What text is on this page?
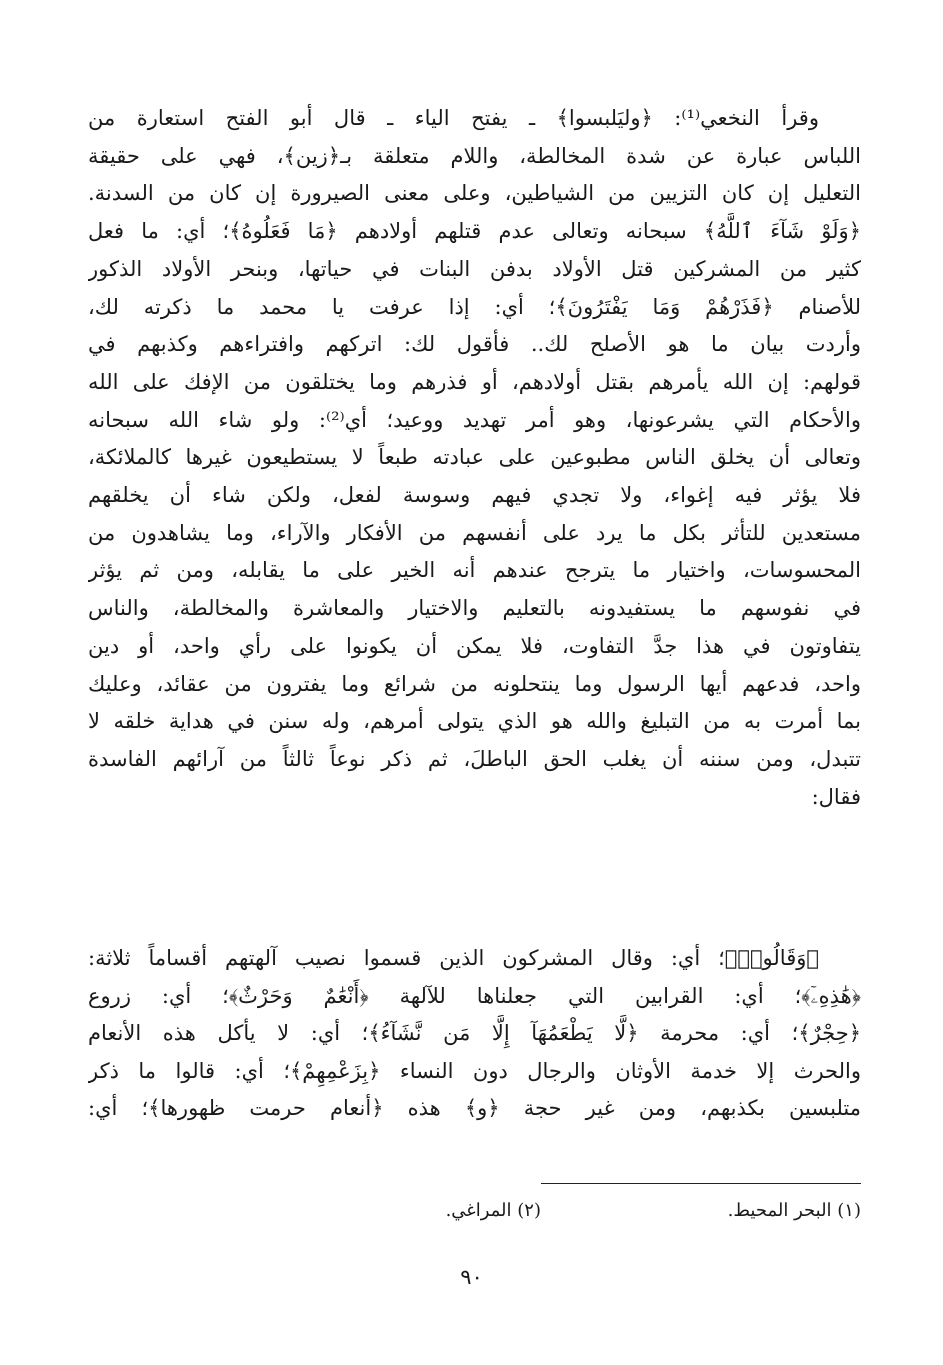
وقرأ النخعي⁽¹⁾: ﴿وليَلبسوا﴾ ـ يفتح الياء ـ قال أبو الفتح استعارة من
اللباس عبارة عن شدة المخالطة، واللام متعلقة بـ﴿زين﴾، فهي على حقيقة
التعليل إن كان التزيين من الشياطين، وعلى معنى الصيرورة إن كان من السدنة.
﴿وَلَوْ شَآءَ ٱللَّهُ﴾ سبحانه وتعالى عدم قتلهم أولادهم ﴿مَا فَعَلُوهُ﴾؛ أي: ما فعل
كثير من المشركين قتل الأولاد بدفن البنات في حياتها، وبنحر الأولاد الذكور
للأصنام ﴿فَذَرْهُمْ وَمَا يَفْتَرُونَ﴾؛ أي: إذا عرفت يا محمد ما ذكرته لك،
وأردت بيان ما هو الأصلح لك.. فأقول لك: اتركهم وافتراءهم وكذبهم في
قولهم: إن الله يأمرهم بقتل أولادهم، أو فذرهم وما يختلقون من الإفك على الله
والأحكام التي يشرعونها، وهو أمر تهديد ووعيد؛ أي⁽²⁾: ولو شاء الله سبحانه
وتعالى أن يخلق الناس مطبوعين على عبادته طبعاً لا يستطيعون غيرها كالملائكة،
فلا يؤثر فيه إغواء، ولا تجدي فيهم وسوسة لفعل، ولكن شاء أن يخلقهم
مستعدين للتأثر بكل ما يرد على أنفسهم من الأفكار والآراء، وما يشاهدون من
المحسوسات، واختيار ما يترجح عندهم أنه الخير على ما يقابله، ومن ثم يؤثر
في نفوسهم ما يستفيدونه بالتعليم والاختيار والمعاشرة والمخالطة، والناس
يتفاوتون في هذا جدَّ التفاوت، فلا يمكن أن يكونوا على رأي واحد، أو دين
واحد، فدعهم أيها الرسول وما ينتحلونه من شرائع وما يفترون من عقائد، وعليك
بما أمرت به من التبليغ والله هو الذي يتولى أمرهم، وله سنن في هداية خلقه لا
تتبدل، ومن سننه أن يغلب الحق الباطلَ، ثم ذكر نوعاً ثالثاً من آرائهم الفاسدة
فقال:
﴿وَقَالُوا۟﴾؛ أي: وقال المشركون الذين قسموا نصيب آلهتهم أقساماً ثلاثة:
﴿هَٰذِهِۦٓ﴾؛ أي: القرابين التي جعلناها للآلهة ﴿أَنْعَٰمٌ وَحَرْثٌ﴾؛ أي: زروع
﴿حِجْرٌ﴾؛ أي: محرمة ﴿لَّا يَطْعَمُهَآ إِلَّا مَن نَّشَآءُ﴾؛ أي: لا يأكل هذه الأنعام
والحرث إلا خدمة الأوثان والرجال دون النساء ﴿بِزَعْمِهِمْ﴾؛ أي: قالوا ما ذكر
متلبسين بكذبهم، ومن غير حجة ﴿و﴾ هذه ﴿أنعام حرمت ظهورها﴾؛ أي:
(١) البحر المحيط.
(٢) المراغي.
٩٠
